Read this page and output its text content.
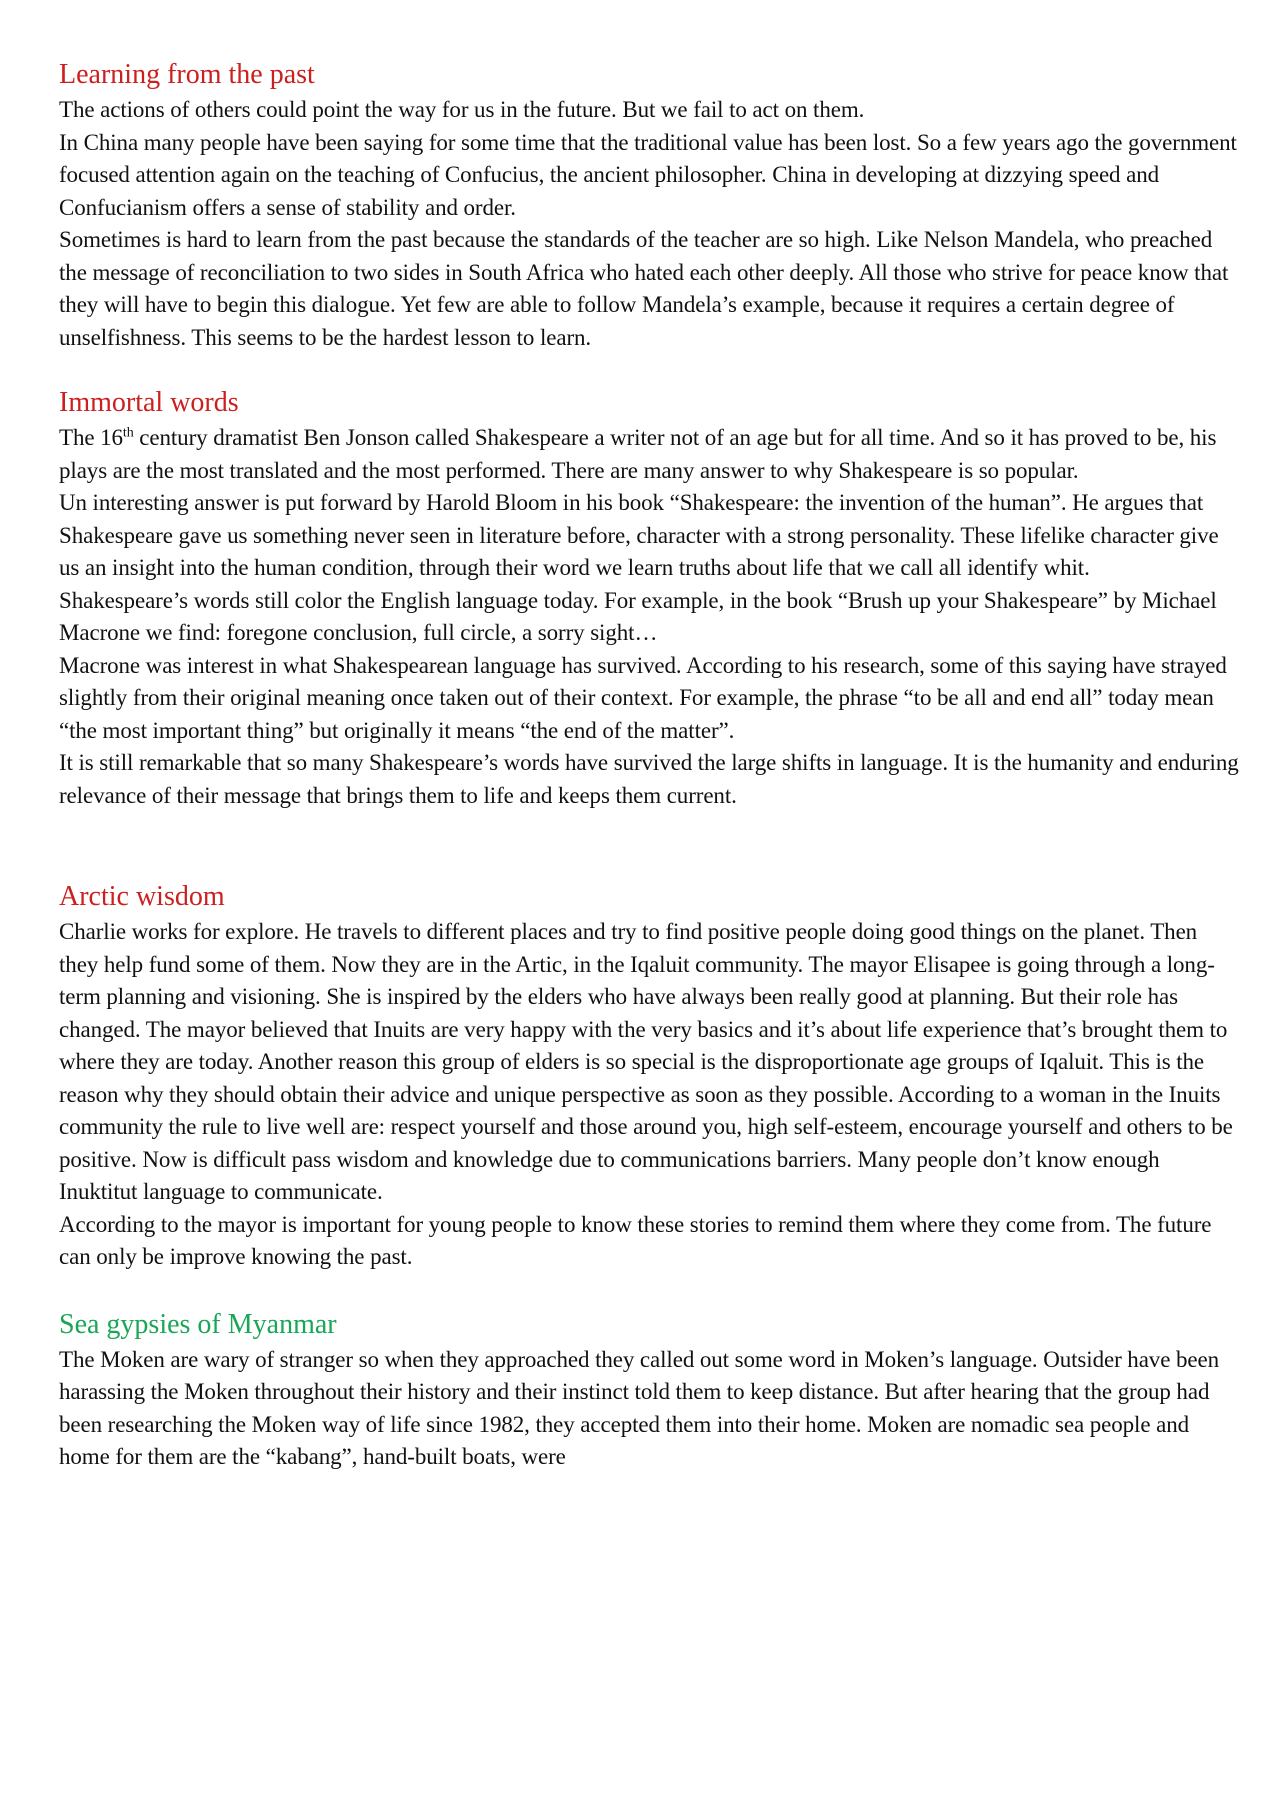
Learning from the past

The actions of others could point the way for us in the future. But we fail to act on them.

In China many people have been saying for some time that the traditional value has been lost. So a few years ago the government focused attention again on the teaching of Confucius, the ancient philosopher. China in developing at dizzying speed and Confucianism offers a sense of stability and order.

Sometimes is hard to learn from the past because the standards of the teacher are so high. Like Nelson Mandela, who preached the message of reconciliation to two sides in South Africa who hated each other deeply. All those who strive for peace know that they will have to begin this dialogue. Yet few are able to follow Mandela’s example, because it requires a certain degree of unselfishness. This seems to be the hardest lesson to learn.

Immortal words

The 16th century dramatist Ben Jonson called Shakespeare a writer not of an age but for all time. And so it has proved to be, his plays are the most translated and the most performed. There are many answer to why Shakespeare is so popular.

Un interesting answer is put forward by Harold Bloom in his book “Shakespeare: the invention of the human”. He argues that Shakespeare gave us something never seen in literature before, character with a strong personality. These lifelike character give us an insight into the human condition, through their word we learn truths about life that we call all identify whit.

Shakespeare’s words still color the English language today. For example, in the book “Brush up your Shakespeare” by Michael Macrone we find: foregone conclusion, full circle, a sorry sight…

Macrone was interest in what Shakespearean language has survived. According to his research, some of this saying have strayed slightly from their original meaning once taken out of their context. For example, the phrase “to be all and end all” today mean “the most important thing” but originally it means “the end of the matter”.

It is still remarkable that so many Shakespeare’s words have survived the large shifts in language. It is the humanity and enduring relevance of their message that brings them to life and keeps them current.

Arctic wisdom

Charlie works for explore. He travels to different places and try to find positive people doing good things on the planet. Then they help fund some of them. Now they are in the Artic, in the Iqaluit community. The mayor Elisapee is going through a long-term planning and visioning. She is inspired by the elders who have always been really good at planning. But their role has changed. The mayor believed that Inuits are very happy with the very basics and it’s about life experience that’s brought them to where they are today. Another reason this group of elders is so special is the disproportionate age groups of Iqaluit. This is the reason why they should obtain their advice and unique perspective as soon as they possible. According to a woman in the Inuits community the rule to live well are: respect yourself and those around you, high self-esteem, encourage yourself and others to be positive. Now is difficult pass wisdom and knowledge due to communications barriers. Many people don’t know enough Inuktitut language to communicate.

According to the mayor is important for young people to know these stories to remind them where they come from. The future can only be improve knowing the past.

Sea gypsies of Myanmar

The Moken are wary of stranger so when they approached they called out some word in Moken’s language. Outsider have been harassing the Moken throughout their history and their instinct told them to keep distance. But after hearing that the group had been researching the Moken way of life since 1982, they accepted them into their home. Moken are nomadic sea people and home for them are the “kabang”, hand-built boats, were
